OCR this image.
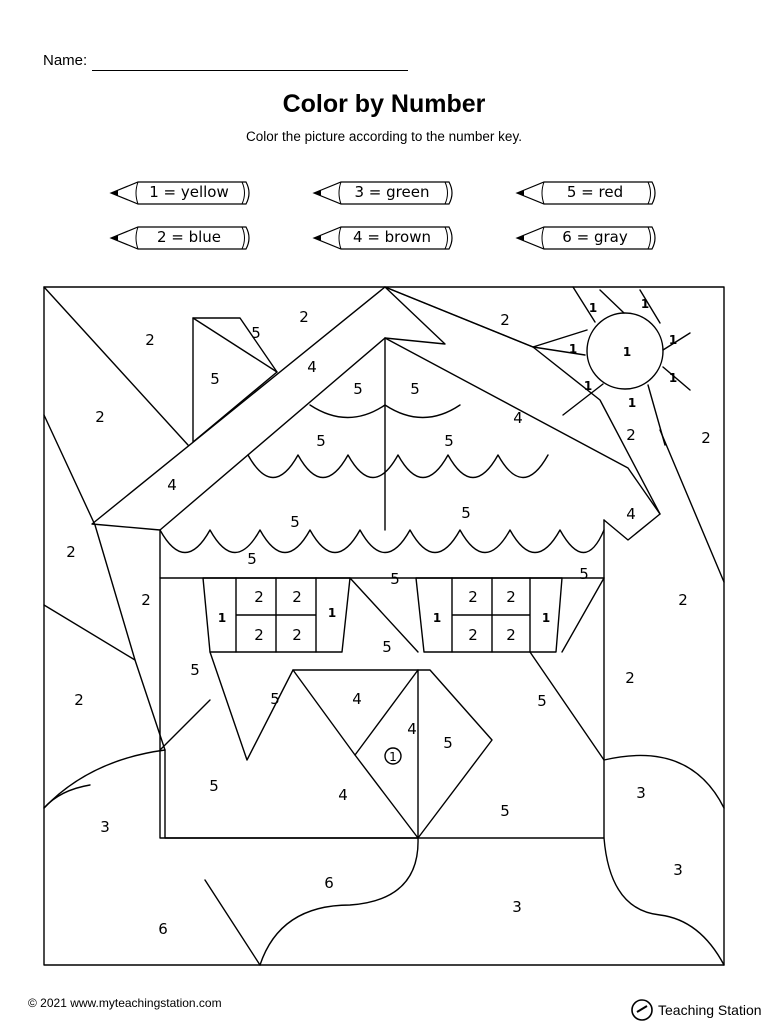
Name:
Color by Number
Color the picture according to the number key.
1 = yellow
2 = blue
3 = green
4 = brown
5 = red
6 = gray
1	1
1	1
1
1
1
1
2
2	2
2
2	2
2
2	2
2
2
5
5
4
4
4
4
5	5
5	5
5	5
5
5	5
5
5
5	5
5
5
5
1
2 2
2 2
1	1
2 2
2 2
1
4
4
4
1
3
3
3
3
6
6
© 2021 www.myteachingstation.com	Teaching Station
